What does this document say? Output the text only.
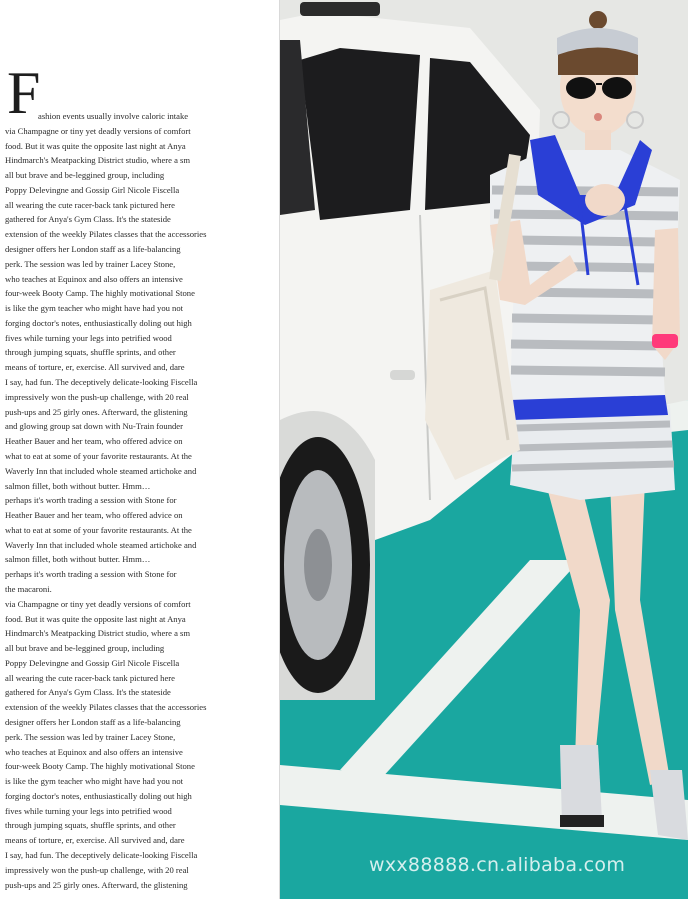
F
ashion events usually involve caloric intake
via Champagne or tiny yet deadly versions of comfort
food. But it was quite the opposite last night at Anya
Hindmarch's Meatpacking District studio, where a sm
all but brave and be-leggined group, including
Poppy Delevingne and Gossip Girl Nicole Fiscella
all wearing the cute racer-back tank pictured here
gathered for Anya's Gym Class. It's the stateside
extension of the weekly Pilates classes that the accessories
designer offers her London staff as a life-balancing
perk. The session was led by trainer Lacey Stone,
who teaches at Equinox and also offers an intensive
four-week Booty Camp. The highly motivational Stone
is like the gym teacher who might have had you not
forging doctor's notes, enthusiastically doling out high
fives while turning your legs into petrified wood
through jumping squats, shuffle sprints, and other
means of torture, er, exercise. All survived and, dare
I say, had fun. The deceptively delicate-looking Fiscella
impressively won the push-up challenge, with 20 real
push-ups and 25 girly ones. Afterward, the glistening
and glowing group sat down with Nu-Train founder
Heather Bauer and her team, who offered advice on
what to eat at some of your favorite restaurants. At the
Waverly Inn that included whole steamed artichoke and
salmon fillet, both without butter. Hmm…
perhaps it's worth trading a session with Stone for
Heather Bauer and her team, who offered advice on
what to eat at some of your favorite restaurants. At the
Waverly Inn that included whole steamed artichoke and
salmon fillet, both without butter. Hmm…
perhaps it's worth trading a session with Stone for
the macaroni.
via Champagne or tiny yet deadly versions of comfort
food. But it was quite the opposite last night at Anya
Hindmarch's Meatpacking District studio, where a sm
all but brave and be-leggined group, including
Poppy Delevingne and Gossip Girl Nicole Fiscella
all wearing the cute racer-back tank pictured here
gathered for Anya's Gym Class. It's the stateside
extension of the weekly Pilates classes that the accessories
designer offers her London staff as a life-balancing
perk. The session was led by trainer Lacey Stone,
who teaches at Equinox and also offers an intensive
four-week Booty Camp. The highly motivational Stone
is like the gym teacher who might have had you not
forging doctor's notes, enthusiastically doling out high
fives while turning your legs into petrified wood
through jumping squats, shuffle sprints, and other
means of torture, er, exercise. All survived and, dare
I say, had fun. The deceptively delicate-looking Fiscella
impressively won the push-up challenge, with 20 real
push-ups and 25 girly ones. Afterward, the glistening
wxx88888.cn.alibaba.com
